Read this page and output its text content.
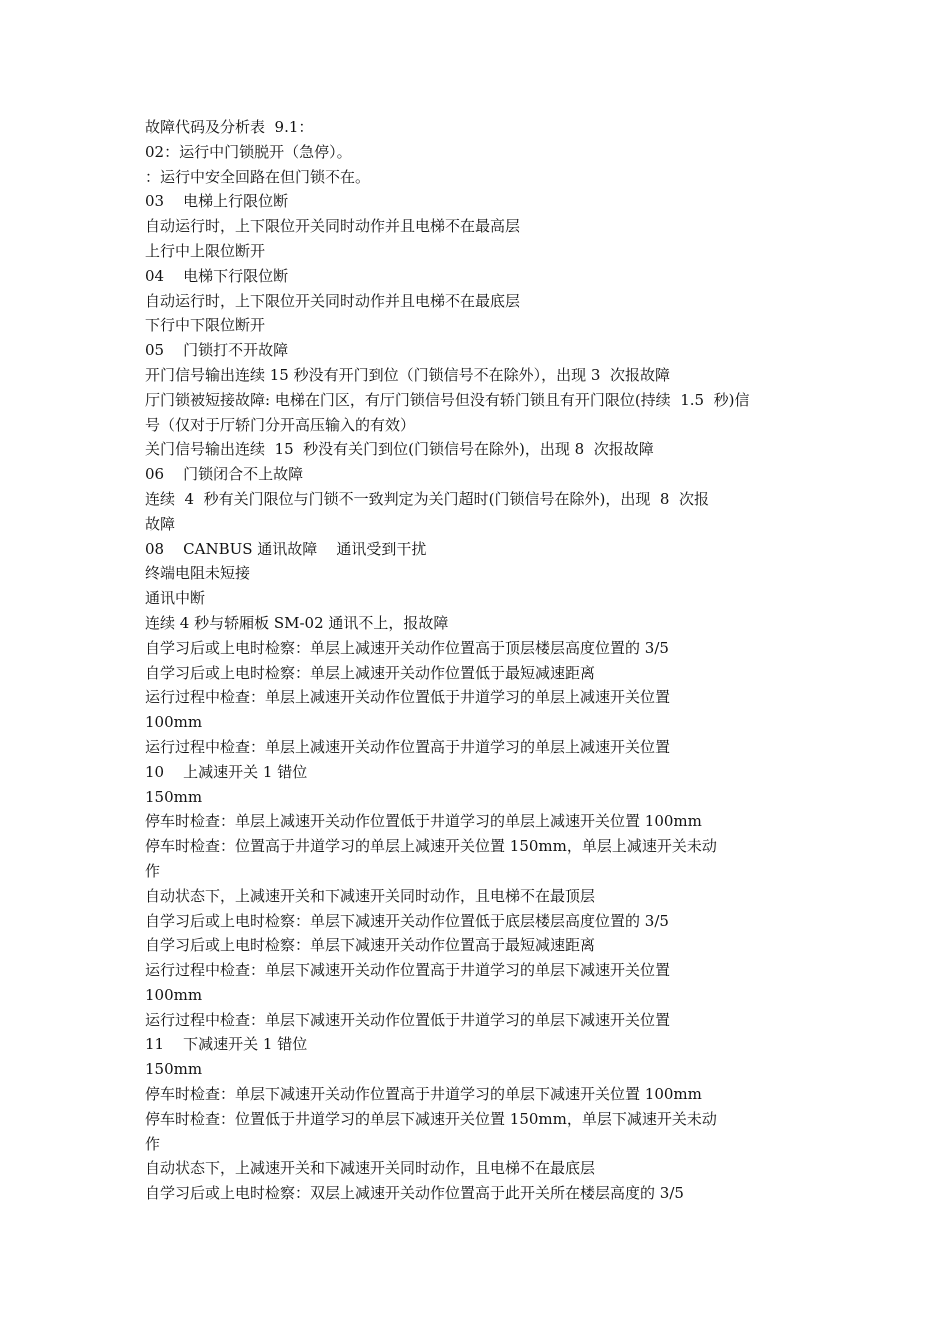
故障代码及分析表  9.1：
02：运行中门锁脱开（急停）。
：运行中安全回路在但门锁不在。
03    电梯上行限位断
自动运行时，上下限位开关同时动作并且电梯不在最高层
上行中上限位断开
04    电梯下行限位断
自动运行时，上下限位开关同时动作并且电梯不在最底层
下行中下限位断开
05    门锁打不开故障
开门信号输出连续 15 秒没有开门到位（门锁信号不在除外），出现 3  次报故障
厅门锁被短接故障: 电梯在门区，有厅门锁信号但没有轿门锁且有开门限位(持续  1.5  秒)信
号（仅对于厅轿门分开高压输入的有效）
关门信号输出连续  15  秒没有关门到位(门锁信号在除外)，出现 8  次报故障
06    门锁闭合不上故障
连续  4  秒有关门限位与门锁不一致判定为关门超时(门锁信号在除外)，出现  8  次报
故障
08    CANBUS 通讯故障    通讯受到干扰
终端电阻未短接
通讯中断
连续 4 秒与轿厢板 SM-02 通讯不上，报故障
自学习后或上电时检察：单层上减速开关动作位置高于顶层楼层高度位置的 3/5
自学习后或上电时检察：单层上减速开关动作位置低于最短减速距离
运行过程中检查：单层上减速开关动作位置低于井道学习的单层上减速开关位置
100mm
运行过程中检查：单层上减速开关动作位置高于井道学习的单层上减速开关位置
10    上减速开关 1 错位
150mm
停车时检查：单层上减速开关动作位置低于井道学习的单层上减速开关位置 100mm
停车时检查：位置高于井道学习的单层上减速开关位置 150mm，单层上减速开关未动
作
自动状态下，上减速开关和下减速开关同时动作，且电梯不在最顶层
自学习后或上电时检察：单层下减速开关动作位置低于底层楼层高度位置的 3/5
自学习后或上电时检察：单层下减速开关动作位置高于最短减速距离
运行过程中检查：单层下减速开关动作位置高于井道学习的单层下减速开关位置
100mm
运行过程中检查：单层下减速开关动作位置低于井道学习的单层下减速开关位置
11    下减速开关 1 错位
150mm
停车时检查：单层下减速开关动作位置高于井道学习的单层下减速开关位置 100mm
停车时检查：位置低于井道学习的单层下减速开关位置 150mm，单层下减速开关未动
作
自动状态下，上减速开关和下减速开关同时动作，且电梯不在最底层
自学习后或上电时检察：双层上减速开关动作位置高于此开关所在楼层高度的 3/5
